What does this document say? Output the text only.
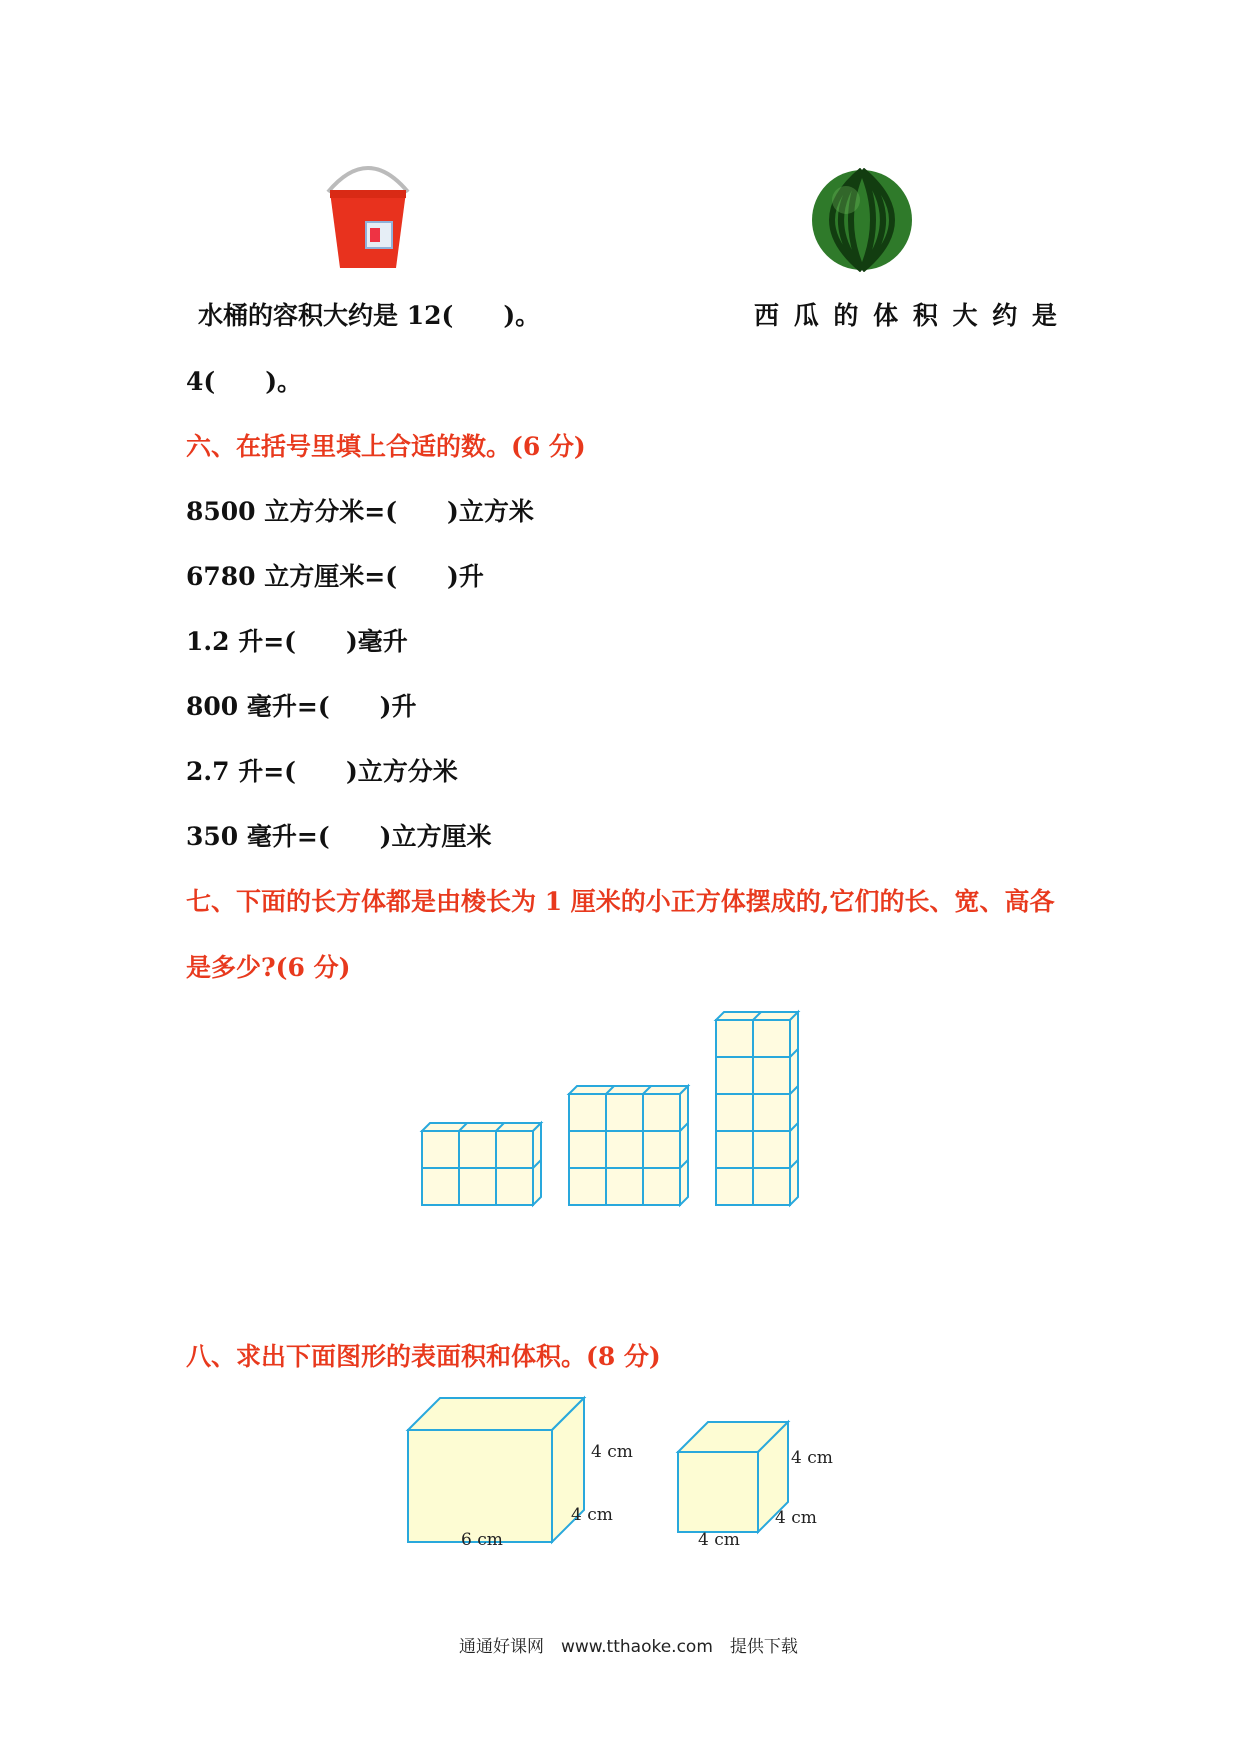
水桶的容积大约是 12(　　)。	西 瓜 的 体 积 大 约 是
4(　　)。
六、在括号里填上合适的数。(6 分)
8500 立方分米=(　　)立方米
6780 立方厘米=(　　)升
1.2 升=(　　)毫升
800 毫升=(　　)升
2.7 升=(　　)立方分米
350 毫升=(　　)立方厘米
七、下面的长方体都是由棱长为 1 厘米的小正方体摆成的,它们的长、宽、高各
是多少?(6 分)
八、求出下面图形的表面积和体积。(8 分)
4 cm
4 cm
6 cm
4 cm
4 cm
4 cm
通通好课网　www.tthaoke.com　提供下载
